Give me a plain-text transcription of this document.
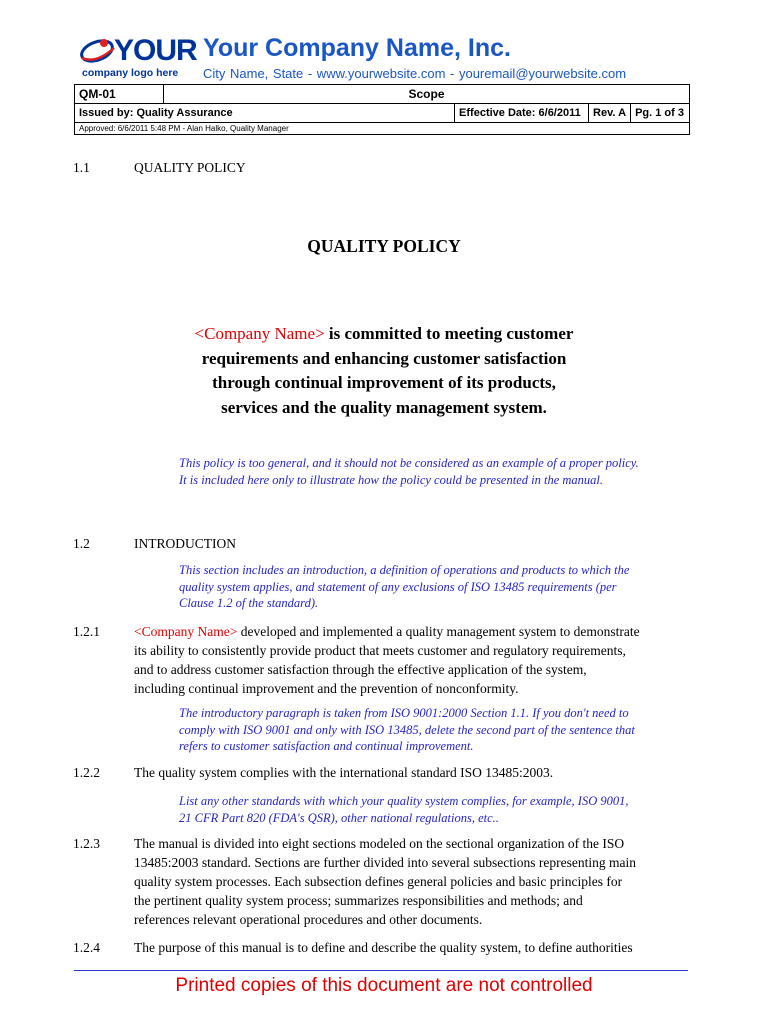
YOUR
company logo here
Your Company Name, Inc.
City Name, State - www.yourwebsite.com - youremail@yourwebsite.com
QM-01	Scope			
Issued by: Quality Assurance		Effective Date: 6/6/2011	Rev. A	Pg. 1 of 3
Approved: 6/6/2011 5:48 PM - Alan Halko, Quality Manager				
1.1	QUALITY POLICY
QUALITY POLICY
<Company Name> is committed to meeting customer
requirements and enhancing customer satisfaction
through continual improvement of its products,
services and the quality management system.
This policy is too general, and it should not be considered as an example of a proper policy.
It is included here only to illustrate how the policy could be presented in the manual.
1.2	INTRODUCTION
This section includes an introduction, a definition of operations and products to which the
quality system applies, and statement of any exclusions of ISO 13485 requirements (per
Clause 1.2 of the standard).
1.2.1	<Company Name> developed and implemented a quality management system to demonstrate
its ability to consistently provide product that meets customer and regulatory requirements,
and to address customer satisfaction through the effective application of the system,
including continual improvement and the prevention of nonconformity.
The introductory paragraph is taken from ISO 9001:2000 Section 1.1. If you don't need to
comply with ISO 9001 and only with ISO 13485, delete the second part of the sentence that
refers to customer satisfaction and continual improvement.
1.2.2	The quality system complies with the international standard ISO 13485:2003.
List any other standards with which your quality system complies, for example, ISO 9001,
21 CFR Part 820 (FDA's QSR), other national regulations, etc..
1.2.3	The manual is divided into eight sections modeled on the sectional organization of the ISO
13485:2003 standard. Sections are further divided into several subsections representing main
quality system processes. Each subsection defines general policies and basic principles for
the pertinent quality system process; summarizes responsibilities and methods; and
references relevant operational procedures and other documents.
1.2.4	The purpose of this manual is to define and describe the quality system, to define authorities
Printed copies of this document are not controlled
